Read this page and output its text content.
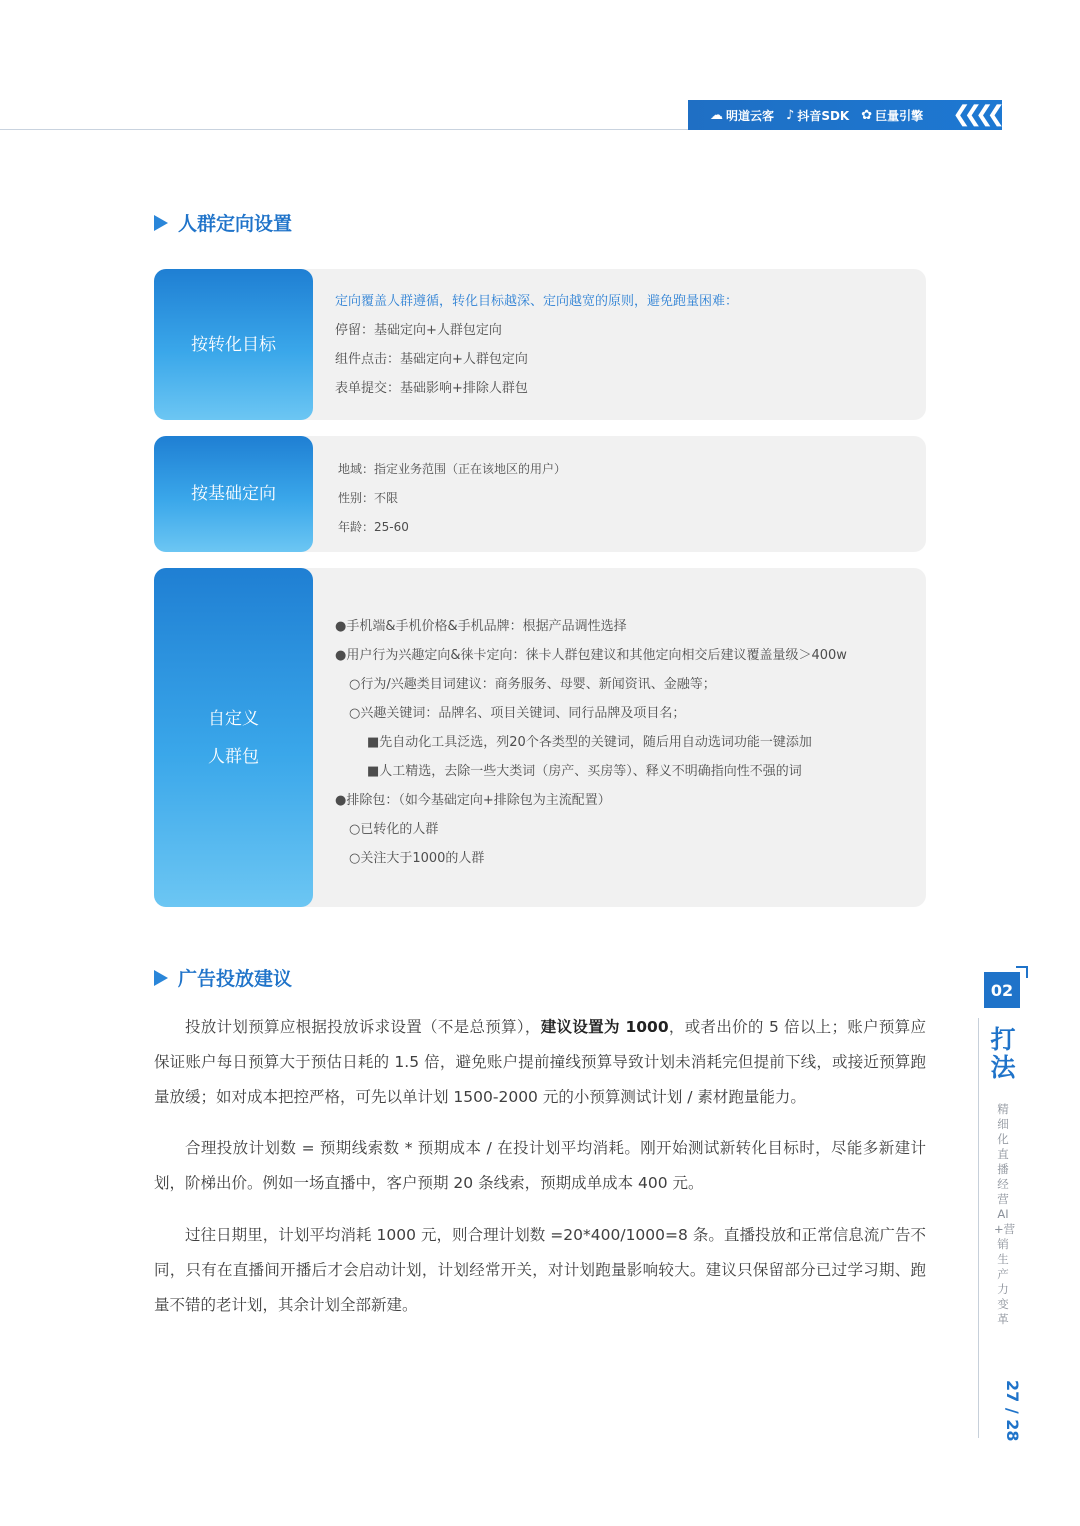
☁ 明道云客 ♪ 抖音SDK ✿ 巨量引擎 ❮❮❮❮
人群定向设置
按转化目标
定向覆盖人群遵循，转化目标越深、定向越宽的原则，避免跑量困难：
停留：基础定向+人群包定向
组件点击：基础定向+人群包定向
表单提交：基础影响+排除人群包
按基础定向
地域：指定业务范围（正在该地区的用户）
性别：不限
年龄：25-60
自定义
人群包
●手机端&手机价格&手机品牌：根据产品调性选择
●用户行为兴趣定向&徕卡定向：徕卡人群包建议和其他定向相交后建议覆盖量级＞400w
○行为/兴趣类目词建议：商务服务、母婴、新闻资讯、金融等；
○兴趣关键词：品牌名、项目关键词、同行品牌及项目名；
■先自动化工具泛选，列20个各类型的关键词，随后用自动选词功能一键添加
■人工精选，去除一些大类词（房产、买房等）、释义不明确指向性不强的词
●排除包：（如今基础定向+排除包为主流配置）
○已转化的人群
○关注大于1000的人群
广告投放建议
投放计划预算应根据投放诉求设置（不是总预算），建议设置为 1000，或者出价的 5 倍以上；账户预算应保证账户每日预算大于预估日耗的 1.5 倍，避免账户提前撞线预算导致计划未消耗完但提前下线，或接近预算跑量放缓；如对成本把控严格，可先以单计划 1500-2000 元的小预算测试计划 / 素材跑量能力。
合理投放计划数 = 预期线索数 * 预期成本 / 在投计划平均消耗。刚开始测试新转化目标时，尽能多新建计划，阶梯出价。例如一场直播中，客户预期 20 条线索，预期成单成本 400 元。
过往日期里，计划平均消耗 1000 元，则合理计划数 =20*400/1000=8 条。直播投放和正常信息流广告不同，只有在直播间开播后才会启动计划，计划经常开关，对计划跑量影响较大。建议只保留部分已过学习期、跑量不错的老计划，其余计划全部新建。
02
打法
精细化直播经营AI+营销生产力变革
27 / 28
